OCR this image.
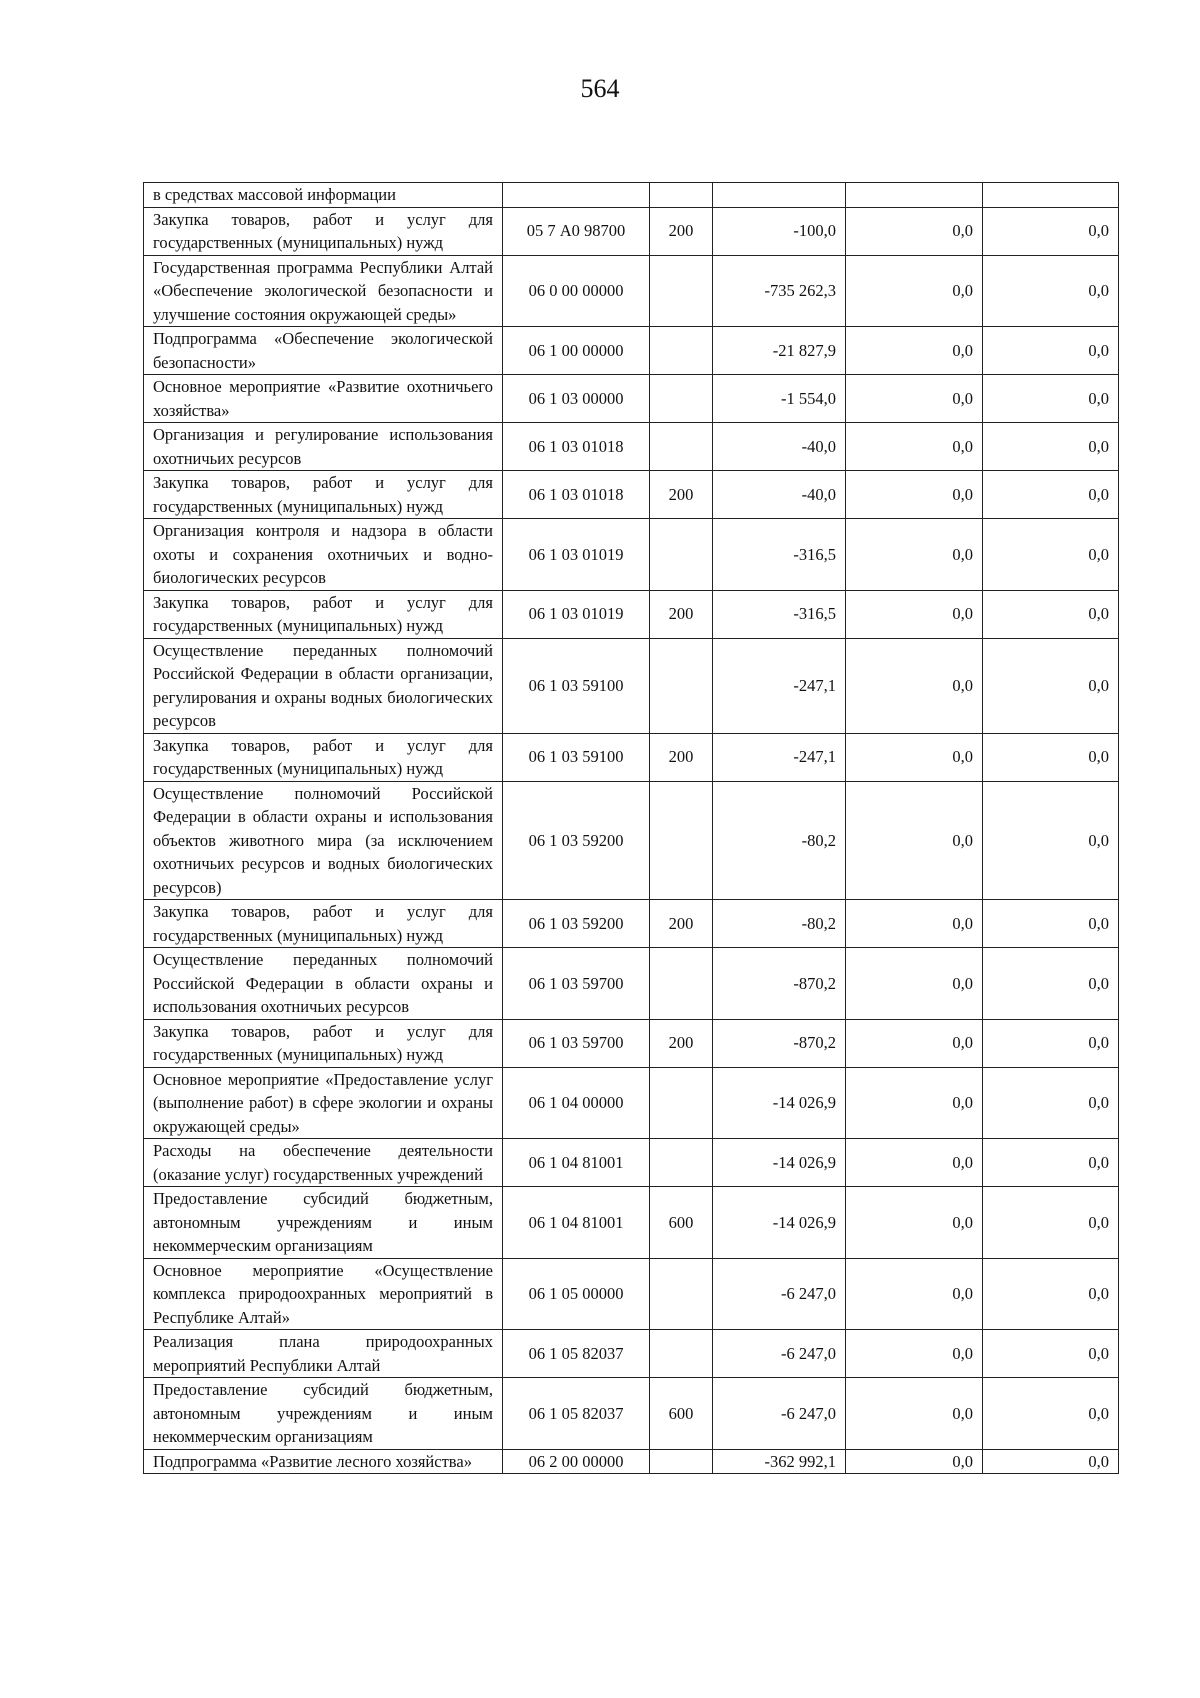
564
в средствах массовой информации					
Закупка товаров, работ и услуг для государственных (муниципальных) нужд	05 7 А0 98700	200	-100,0	0,0	0,0
Государственная программа Республики Алтай «Обеспечение экологической безопасности и улучшение состояния окружающей среды»	06 0 00 00000		-735 262,3	0,0	0,0
Подпрограмма «Обеспечение экологической безопасности»	06 1 00 00000		-21 827,9	0,0	0,0
Основное мероприятие «Развитие охотничьего хозяйства»	06 1 03 00000		-1 554,0	0,0	0,0
Организация и регулирование использования охотничьих ресурсов	06 1 03 01018		-40,0	0,0	0,0
Закупка товаров, работ и услуг для государственных (муниципальных) нужд	06 1 03 01018	200	-40,0	0,0	0,0
Организация контроля и надзора в области охоты и сохранения охотничьих и водно-биологических ресурсов	06 1 03 01019		-316,5	0,0	0,0
Закупка товаров, работ и услуг для государственных (муниципальных) нужд	06 1 03 01019	200	-316,5	0,0	0,0
Осуществление переданных полномочий Российской Федерации в области организации, регулирования и охраны водных биологических ресурсов	06 1 03 59100		-247,1	0,0	0,0
Закупка товаров, работ и услуг для государственных (муниципальных) нужд	06 1 03 59100	200	-247,1	0,0	0,0
Осуществление полномочий Российской Федерации в области охраны и использования объектов животного мира (за исключением охотничьих ресурсов и водных биологических ресурсов)	06 1 03 59200		-80,2	0,0	0,0
Закупка товаров, работ и услуг для государственных (муниципальных) нужд	06 1 03 59200	200	-80,2	0,0	0,0
Осуществление переданных полномочий Российской Федерации в области охраны и использования охотничьих ресурсов	06 1 03 59700		-870,2	0,0	0,0
Закупка товаров, работ и услуг для государственных (муниципальных) нужд	06 1 03 59700	200	-870,2	0,0	0,0
Основное мероприятие «Предоставление услуг (выполнение работ) в сфере экологии и охраны окружающей среды»	06 1 04 00000		-14 026,9	0,0	0,0
Расходы на обеспечение деятельности (оказание услуг) государственных учреждений	06 1 04 81001		-14 026,9	0,0	0,0
Предоставление субсидий бюджетным, автономным учреждениям и иным некоммерческим организациям	06 1 04 81001	600	-14 026,9	0,0	0,0
Основное мероприятие «Осуществление комплекса природоохранных мероприятий в Республике Алтай»	06 1 05 00000		-6 247,0	0,0	0,0
Реализация плана природоохранных мероприятий Республики Алтай	06 1 05 82037		-6 247,0	0,0	0,0
Предоставление субсидий бюджетным, автономным учреждениям и иным некоммерческим организациям	06 1 05 82037	600	-6 247,0	0,0	0,0
Подпрограмма «Развитие лесного хозяйства»	06 2 00 00000		-362 992,1	0,0	0,0
